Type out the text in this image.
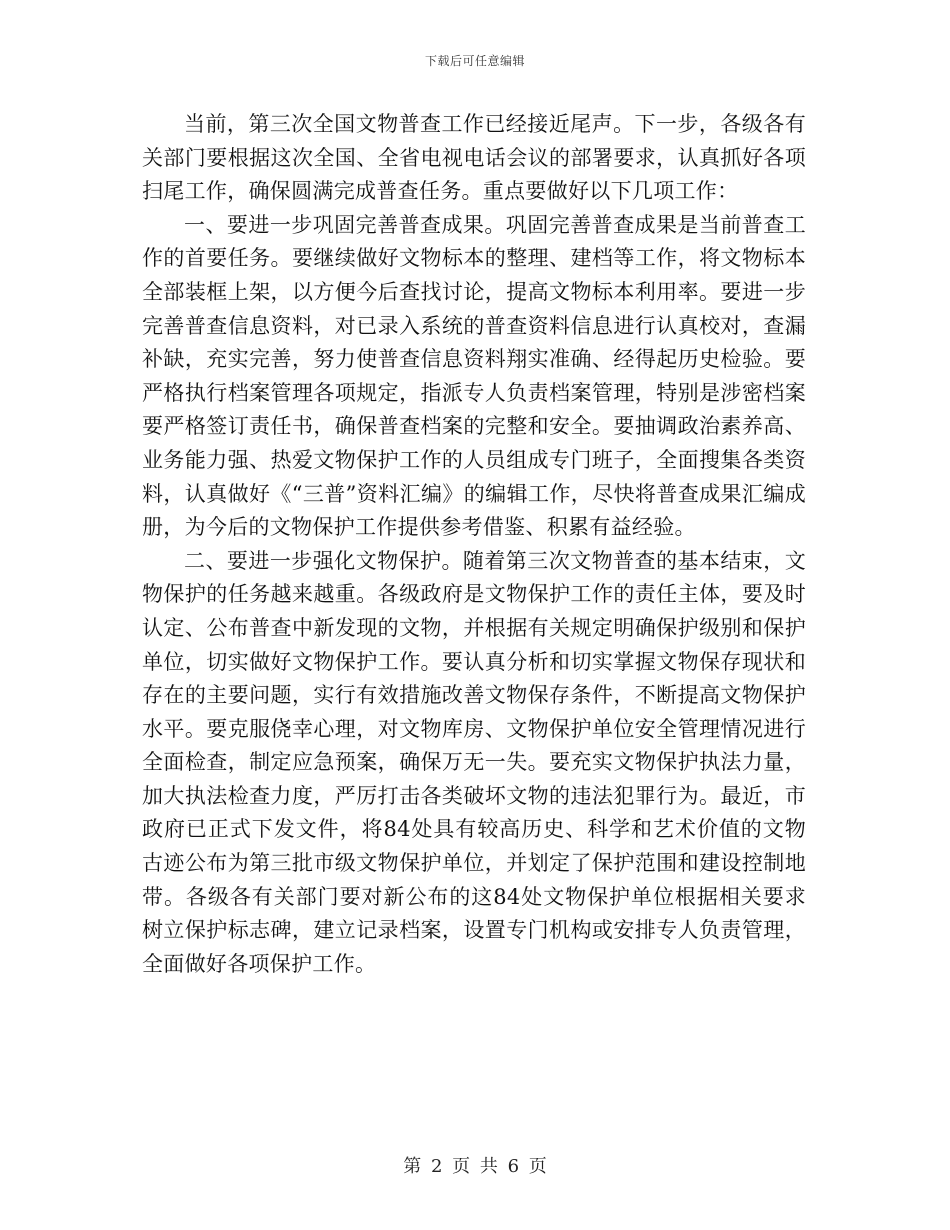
下载后可任意编辑

当前，第三次全国文物普查工作已经接近尾声。下一步，各级各有关部门要根据这次全国、全省电视电话会议的部署要求，认真抓好各项扫尾工作，确保圆满完成普查任务。重点要做好以下几项工作：

一、要进一步巩固完善普查成果。巩固完善普查成果是当前普查工作的首要任务。要继续做好文物标本的整理、建档等工作，将文物标本全部装框上架，以方便今后查找讨论，提高文物标本利用率。要进一步完善普查信息资料，对已录入系统的普查资料信息进行认真校对，查漏补缺，充实完善，努力使普查信息资料翔实准确、经得起历史检验。要严格执行档案管理各项规定，指派专人负责档案管理，特别是涉密档案要严格签订责任书，确保普查档案的完整和安全。要抽调政治素养高、业务能力强、热爱文物保护工作的人员组成专门班子，全面搜集各类资料，认真做好《“三普”资料汇编》的编辑工作，尽快将普查成果汇编成册，为今后的文物保护工作提供参考借鉴、积累有益经验。

二、要进一步强化文物保护。随着第三次文物普查的基本结束，文物保护的任务越来越重。各级政府是文物保护工作的责任主体，要及时认定、公布普查中新发现的文物，并根据有关规定明确保护级别和保护单位，切实做好文物保护工作。要认真分析和切实掌握文物保存现状和存在的主要问题，实行有效措施改善文物保存条件，不断提高文物保护水平。要克服侥幸心理，对文物库房、文物保护单位安全管理情况进行全面检查，制定应急预案，确保万无一失。要充实文物保护执法力量，加大执法检查力度，严厉打击各类破坏文物的违法犯罪行为。最近，市政府已正式下发文件，将84处具有较高历史、科学和艺术价值的文物古迹公布为第三批市级文物保护单位，并划定了保护范围和建设控制地带。各级各有关部门要对新公布的这84处文物保护单位根据相关要求树立保护标志碑，建立记录档案，设置专门机构或安排专人负责管理，全面做好各项保护工作。

第 2 页 共 6 页
